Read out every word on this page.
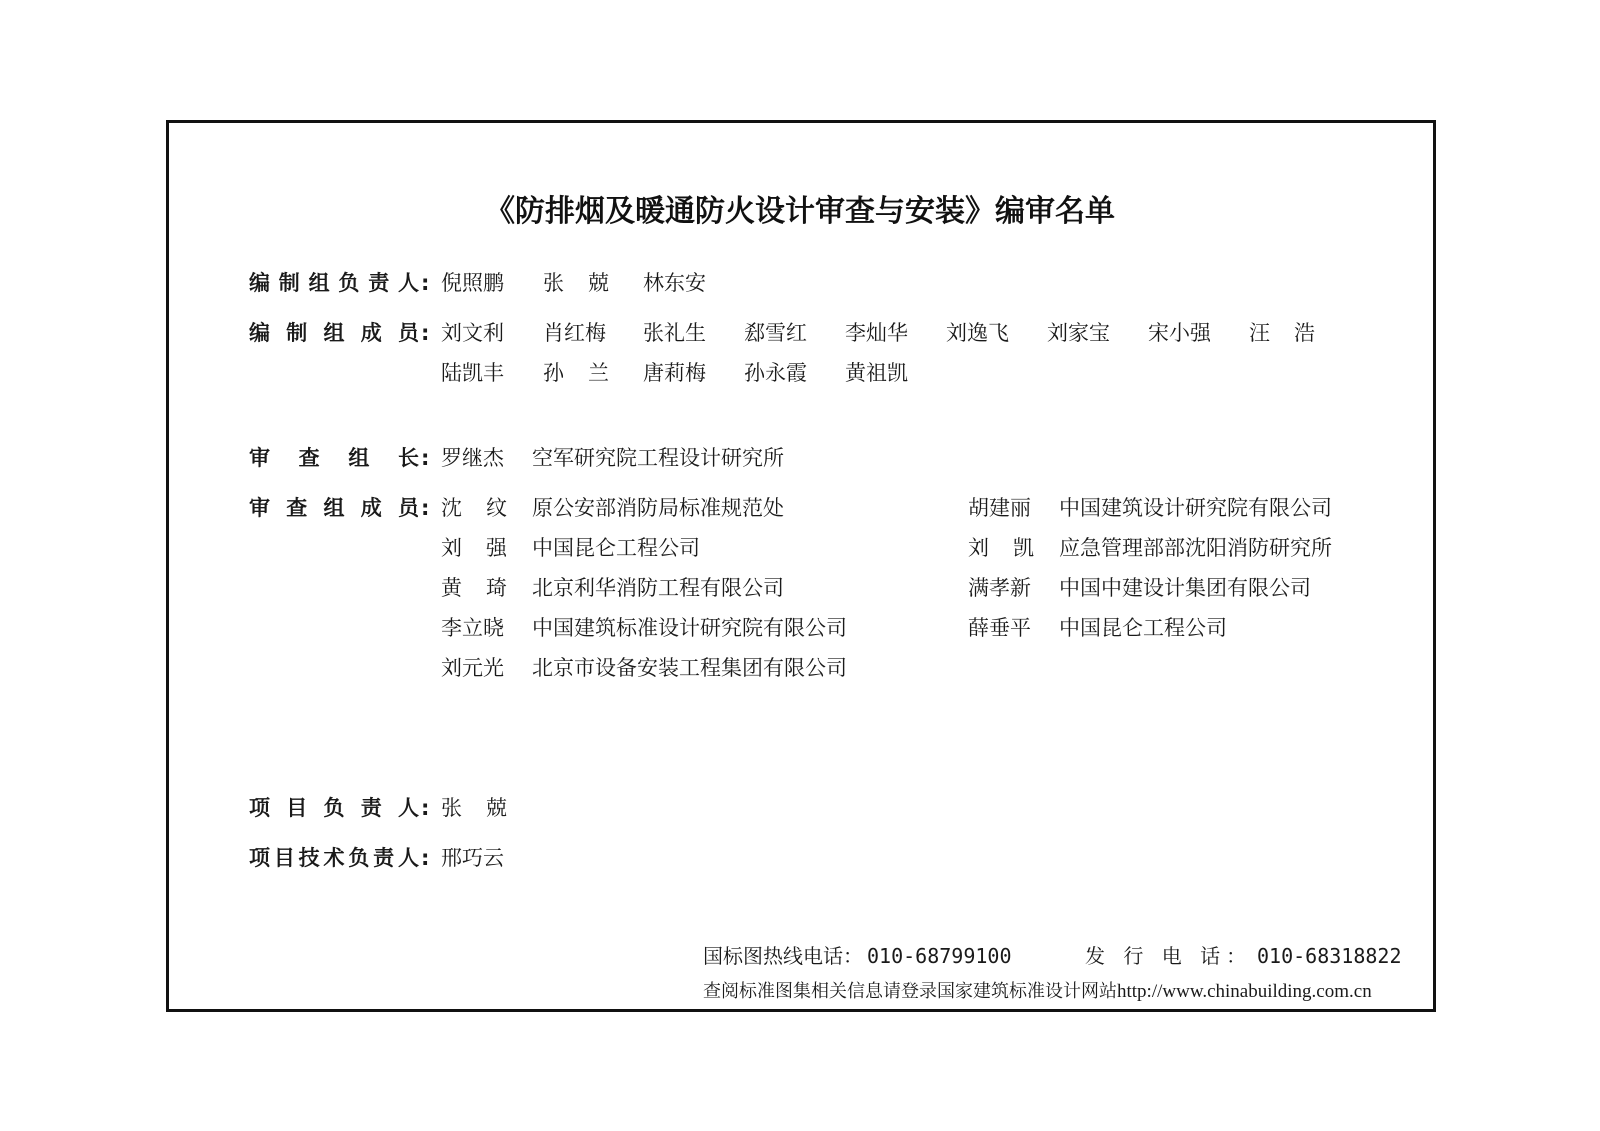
《防排烟及暖通防火设计审查与安装》编审名单
编制组负责人 : 倪照鹏 张 兢 林东安
编制组成员 : 刘文利 肖红梅 张礼生 郄雪红 李灿华 刘逸飞 刘家宝 宋小强 汪 浩
陆凯丰 孙 兰 唐莉梅 孙永霞 黄祖凯
审查组长 : 罗继杰 空军研究院工程设计研究所
审查组成员 : 沈 纹 原公安部消防局标准规范处
刘 强 中国昆仑工程公司
黄 琦 北京利华消防工程有限公司
李立晓 中国建筑标准设计研究院有限公司
刘元光 北京市设备安装工程集团有限公司
胡建丽 中国建筑设计研究院有限公司
刘 凯 应急管理部部沈阳消防研究所
满孝新 中国中建设计集团有限公司
薛垂平 中国昆仑工程公司
项目负责人 : 张 兢
项目技术负责人 : 邢巧云
国标图热线电话： 010-68799100	发 行 电 话： 010-68318822
查阅标准图集相关信息请登录国家建筑标准设计网站http://www.chinabuilding.com.cn
